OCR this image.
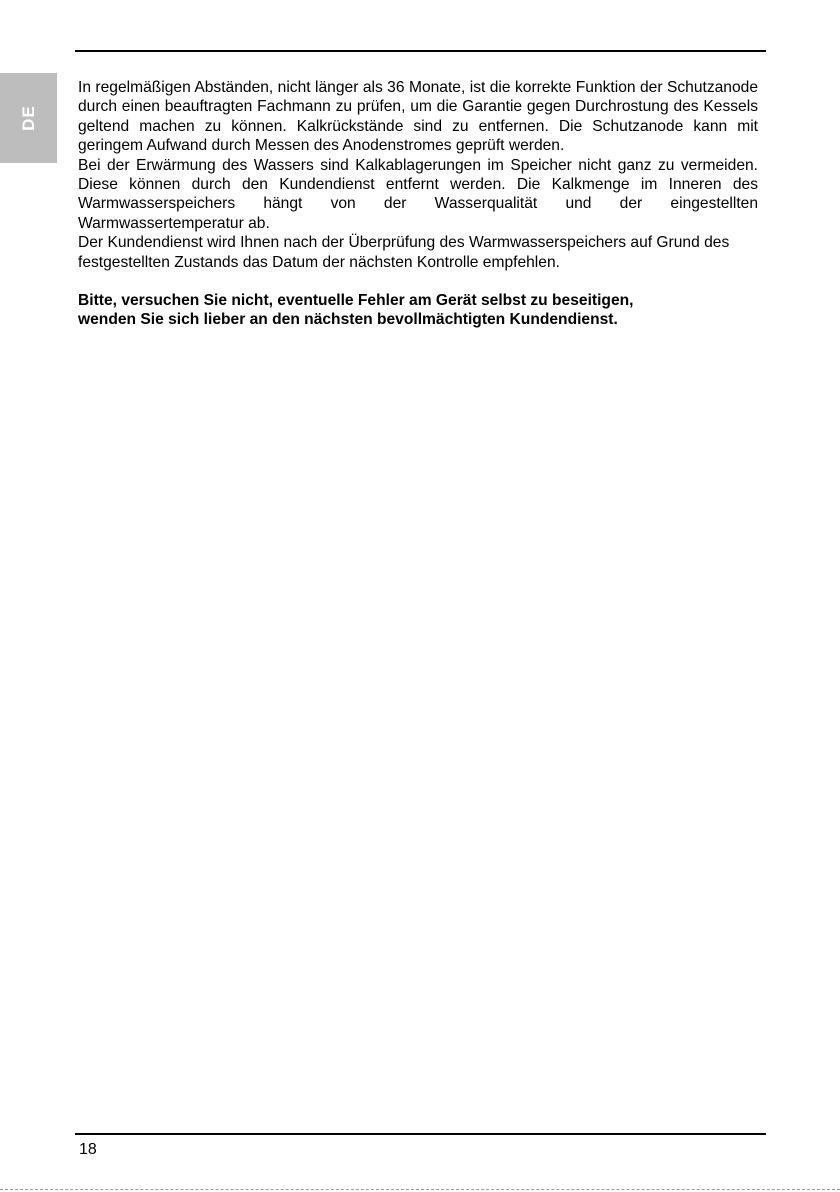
DE

In regelmäßigen Abständen, nicht länger als 36 Monate, ist die korrekte Funktion der Schutzanode durch einen beauftragten Fachmann zu prüfen, um die Garantie gegen Durchrostung des Kessels geltend machen zu können. Kalkrückstände sind zu entfernen. Die Schutzanode kann mit geringem Aufwand durch Messen des Anodenstromes geprüft werden.

Bei der Erwärmung des Wassers sind Kalkablagerungen im Speicher nicht ganz zu vermeiden. Diese können durch den Kundendienst entfernt werden. Die Kalkmenge im Inneren des Warmwasserspeichers hängt von der Wasserqualität und der eingestellten Warmwassertemperatur ab.

Der Kundendienst wird Ihnen nach der Überprüfung des Warmwasserspeichers auf Grund des festgestellten Zustands das Datum der nächsten Kontrolle empfehlen.

Bitte, versuchen Sie nicht, eventuelle Fehler am Gerät selbst zu beseitigen,
wenden Sie sich lieber an den nächsten bevollmächtigten Kundendienst.
18
